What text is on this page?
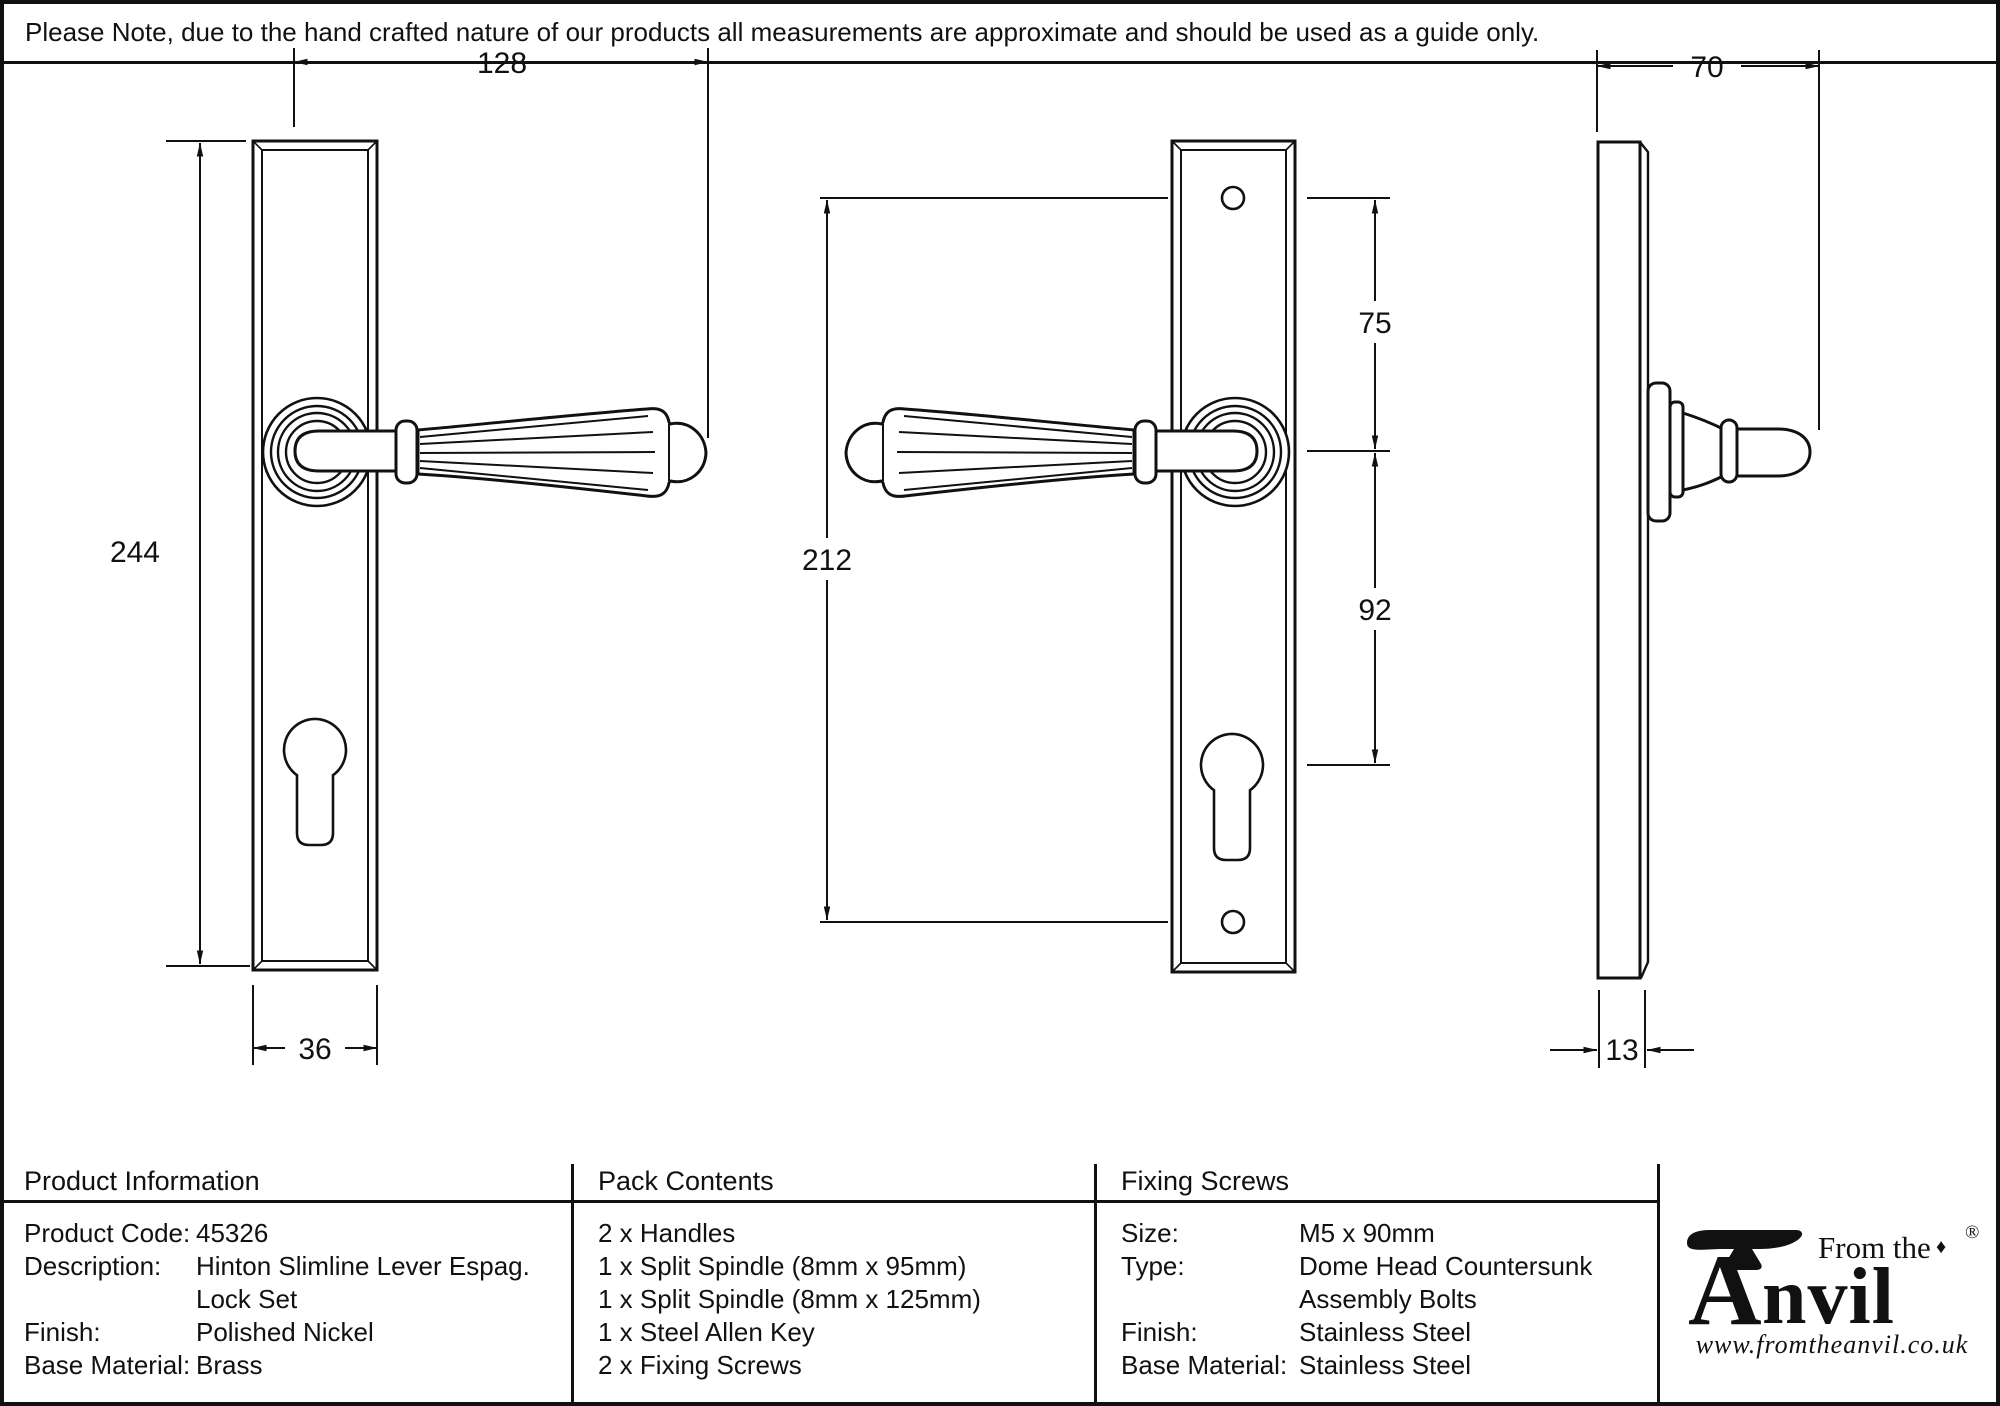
128
244
36
212
75
92
70
13
Please Note, due to the hand crafted nature of our products all measurements are approximate and should be used as a guide only.
Product Information
Product Code: 45326
Description: Hinton Slimline Lever Espag.
Lock Set
Finish:	Polished Nickel
Base Material: Brass
Pack Contents
2 x Handles
1 x Split Spindle (8mm x 95mm)
1 x Split Spindle (8mm x 125mm)
1 x Steel Allen Key
2 x Fixing Screws
Fixing Screws
Size:	M5 x 90mm
Type:	Dome Head Countersunk
Assembly Bolts
Finish:	Stainless Steel
Base Material: Stainless Steel
A nvil
From the ♦
®
www.fromtheanvil.co.uk
